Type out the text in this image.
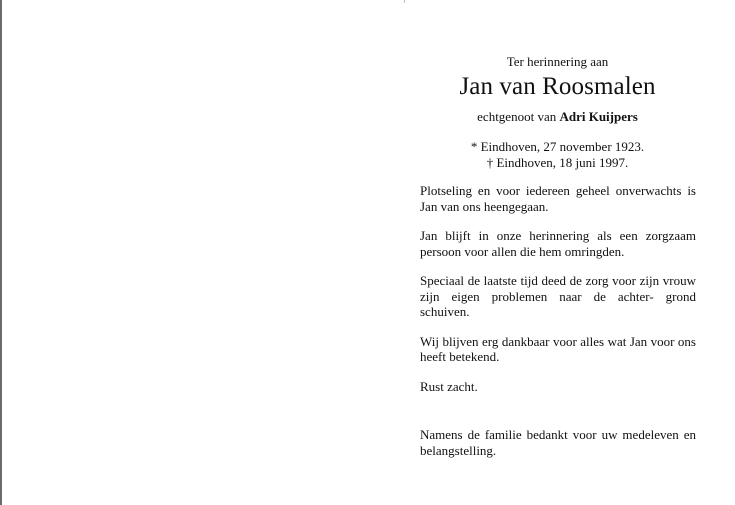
Ter herinnering aan
Jan van Roosmalen
echtgenoot van Adri Kuijpers
* Eindhoven, 27 november 1923.
† Eindhoven, 18 juni 1997.

Plotseling en voor iedereen geheel onverwachts is Jan van ons heengegaan.

Jan blijft in onze herinnering als een zorgzaam persoon voor allen die hem omringden.

Speciaal de laatste tijd deed de zorg voor zijn vrouw zijn eigen problemen naar de achter- grond schuiven.

Wij blijven erg dankbaar voor alles wat Jan voor ons heeft betekend.

Rust zacht.

Namens de familie bedankt voor uw medeleven en belangstelling.
